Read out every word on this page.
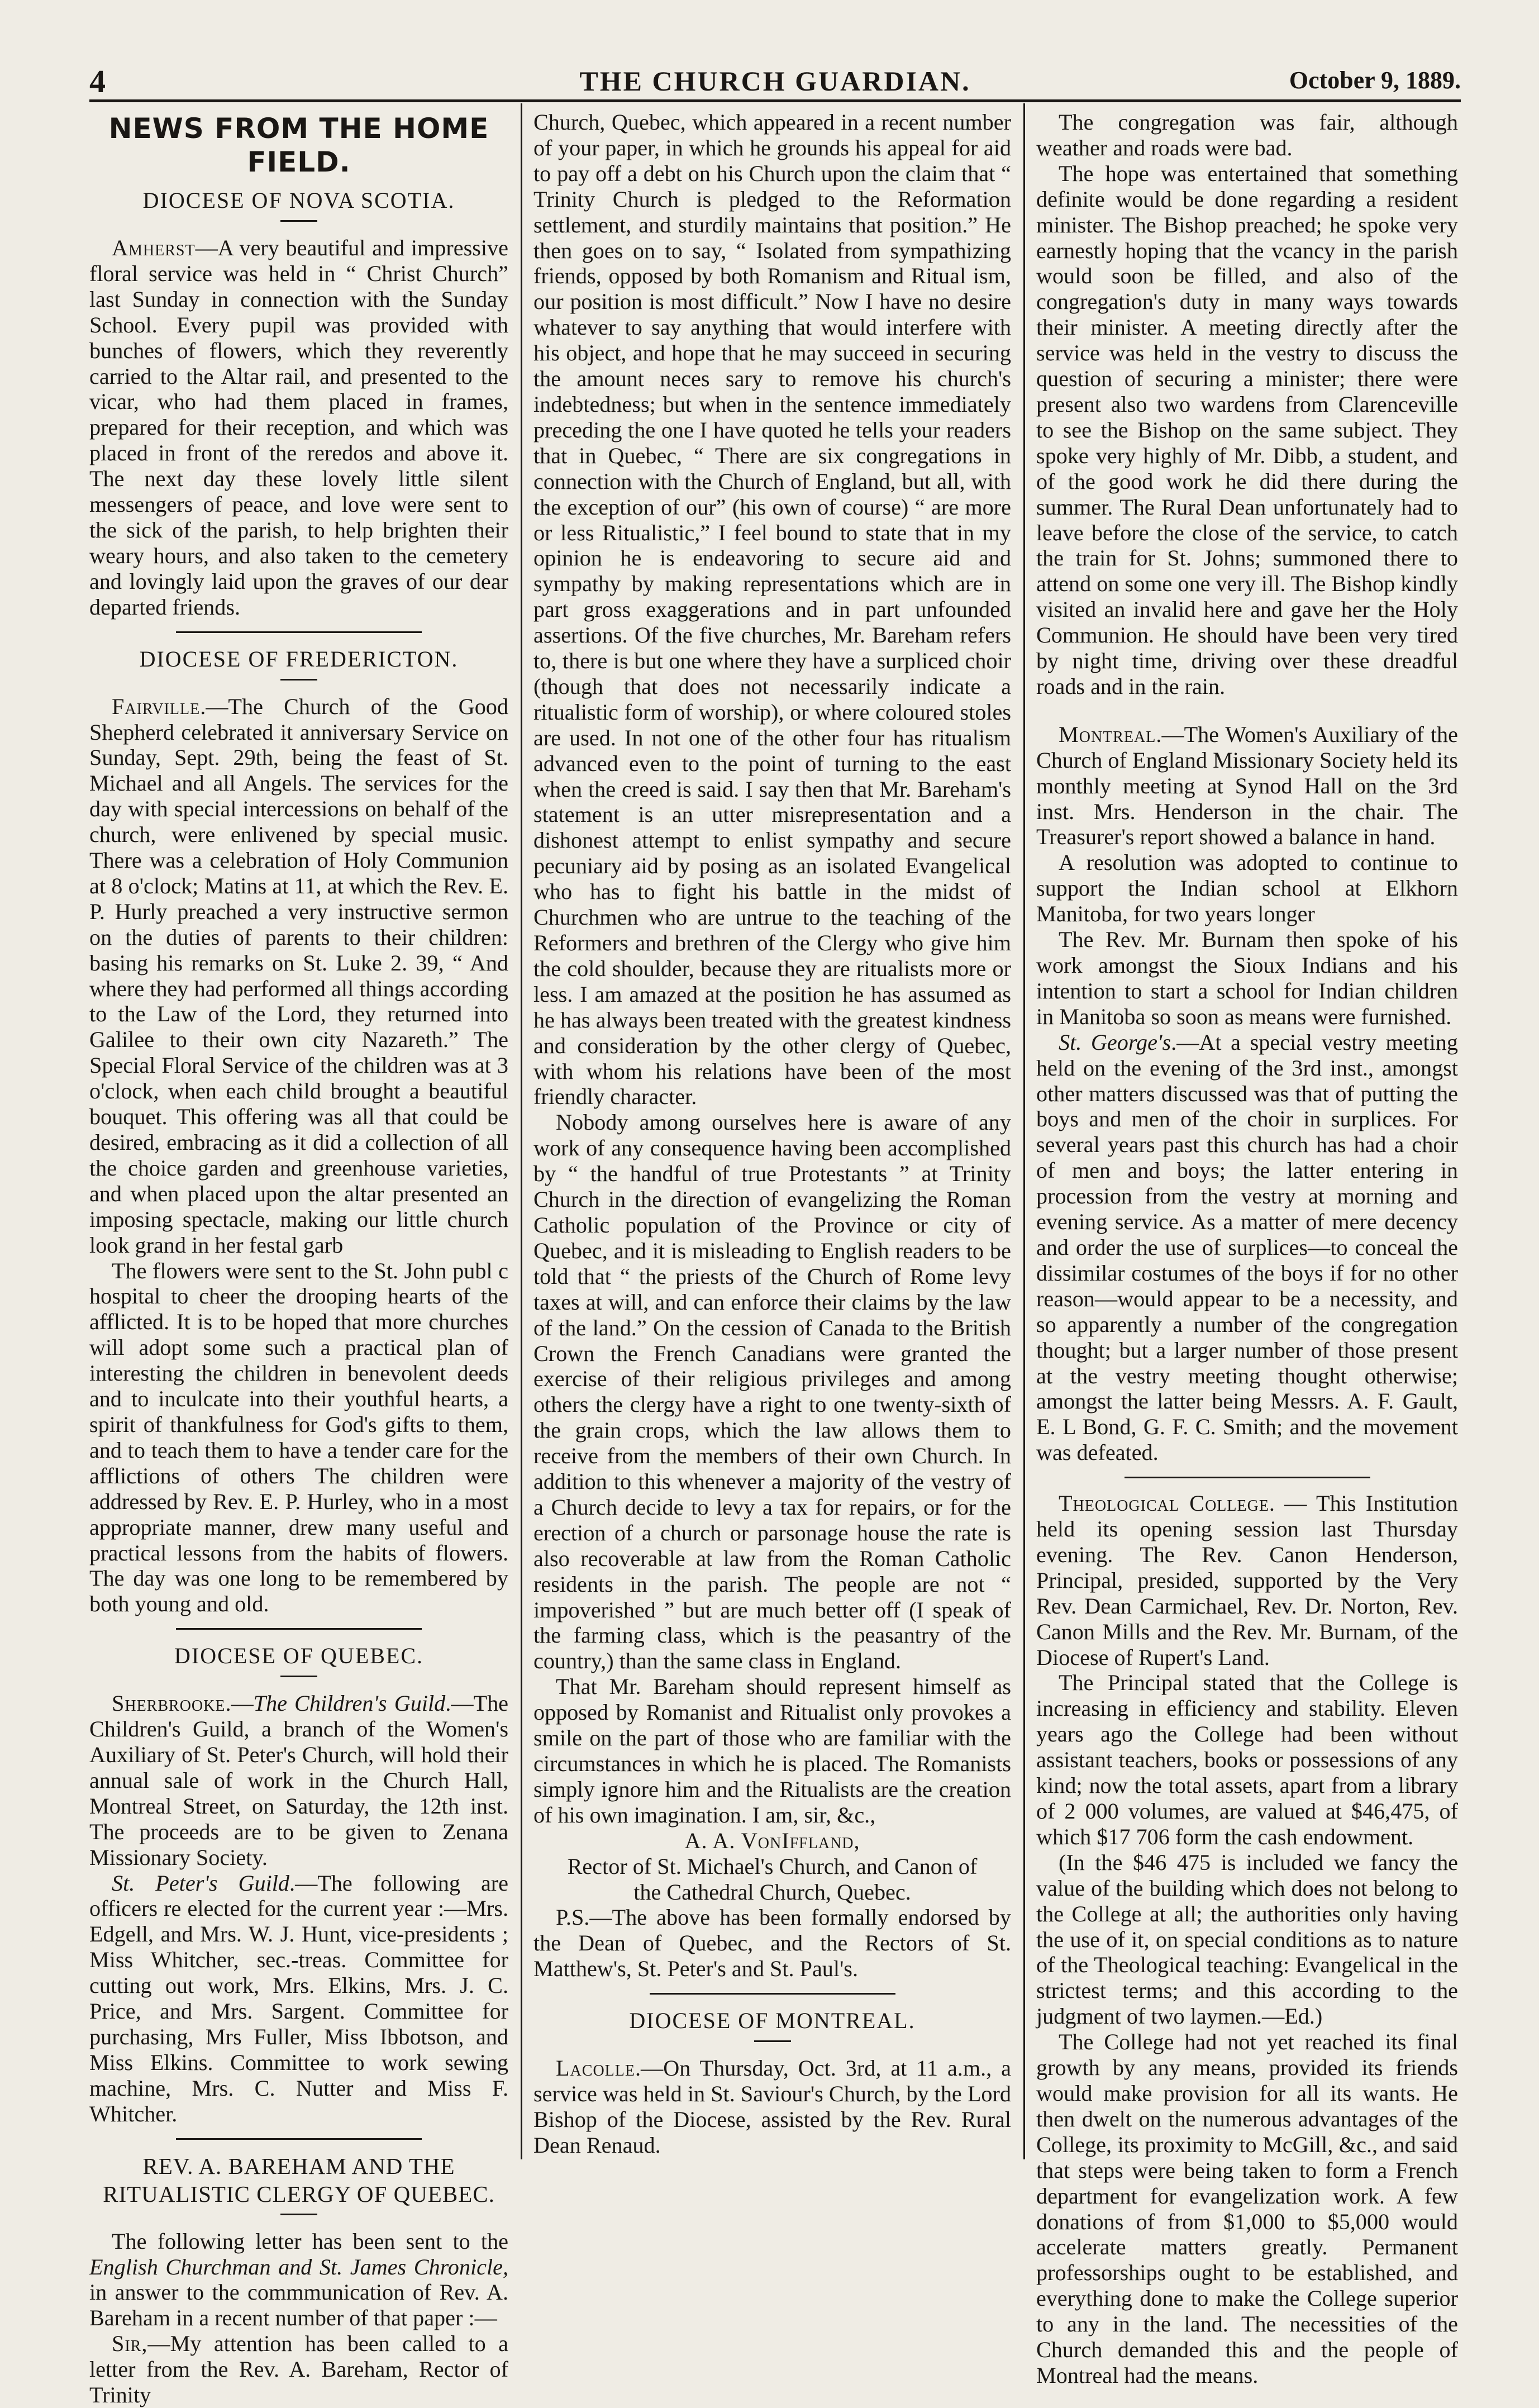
4	THE CHURCH GUARDIAN.	October 9, 1889.
NEWS FROM THE HOME FIELD.
DIOCESE OF NOVA SCOTIA.

Amherst—A very beautiful and impressive floral service was held in “ Christ Church” last Sunday in connection with the Sunday School. Every pupil was provided with bunches of flowers, which they reverently carried to the Altar rail, and presented to the vicar, who had them placed in frames, prepared for their reception, and which was placed in front of the reredos and above it. The next day these lovely little silent messengers of peace, and love were sent to the sick of the parish, to help brighten their weary hours, and also taken to the cemetery and lovingly laid upon the graves of our dear departed friends.

DIOCESE OF FREDERICTON.

Fairville.—The Church of the Good Shepherd celebrated it anniversary Service on Sunday, Sept. 29th, being the feast of St. Michael and all Angels. The services for the day with special intercessions on behalf of the church, were enlivened by special music. There was a celebration of Holy Communion at 8 o'clock; Matins at 11, at which the Rev. E. P. Hurly preached a very instructive sermon on the duties of parents to their children: basing his remarks on St. Luke 2. 39, “ And where they had performed all things according to the Law of the Lord, they returned into Galilee to their own city Nazareth.” The Special Floral Service of the children was at 3 o'clock, when each child brought a beautiful bouquet. This offering was all that could be desired, embracing as it did a collection of all the choice garden and greenhouse varieties, and when placed upon the altar presented an imposing spectacle, making our little church look grand in her festal garb

The flowers were sent to the St. John publ c hospital to cheer the drooping hearts of the afflicted. It is to be hoped that more churches will adopt some such a practical plan of interesting the children in benevolent deeds and to inculcate into their youthful hearts, a spirit of thankfulness for God's gifts to them, and to teach them to have a tender care for the afflictions of others The children were addressed by Rev. E. P. Hurley, who in a most appropriate manner, drew many useful and practical lessons from the habits of flowers. The day was one long to be remembered by both young and old.

DIOCESE OF QUEBEC.

Sherbrooke.—The Children's Guild.—The Children's Guild, a branch of the Women's Auxiliary of St. Peter's Church, will hold their annual sale of work in the Church Hall, Montreal Street, on Saturday, the 12th inst. The proceeds are to be given to Zenana Missionary Society.

St. Peter's Guild.—The following are officers re elected for the current year :—Mrs. Edgell, and Mrs. W. J. Hunt, vice-presidents ; Miss Whitcher, sec.-treas. Committee for cutting out work, Mrs. Elkins, Mrs. J. C. Price, and Mrs. Sargent. Committee for purchasing, Mrs Fuller, Miss Ibbotson, and Miss Elkins. Committee to work sewing machine, Mrs. C. Nutter and Miss F. Whitcher.

REV. A. BAREHAM AND THE RITUALISTIC CLERGY OF QUEBEC.

The following letter has been sent to the English Churchman and St. James Chronicle, in answer to the commmunication of Rev. A. Bareham in a recent number of that paper :—

Sir,—My attention has been called to a letter from the Rev. A. Bareham, Rector of Trinity

Church, Quebec, which appeared in a recent number of your paper, in which he grounds his appeal for aid to pay off a debt on his Church upon the claim that “ Trinity Church is pledged to the Reformation settlement, and sturdily maintains that position.” He then goes on to say, “ Isolated from sympathizing friends, opposed by both Romanism and Ritual ism, our position is most difficult.” Now I have no desire whatever to say anything that would interfere with his object, and hope that he may succeed in securing the amount neces sary to remove his church's indebtedness; but when in the sentence immediately preceding the one I have quoted he tells your readers that in Quebec, “ There are six congregations in connection with the Church of England, but all, with the exception of our” (his own of course) “ are more or less Ritualistic,” I feel bound to state that in my opinion he is endeavoring to secure aid and sympathy by making representations which are in part gross exaggerations and in part unfounded assertions. Of the five churches, Mr. Bareham refers to, there is but one where they have a surpliced choir (though that does not necessarily indicate a ritualistic form of worship), or where coloured stoles are used. In not one of the other four has ritualism advanced even to the point of turning to the east when the creed is said. I say then that Mr. Bareham's statement is an utter misrepresentation and a dishonest attempt to enlist sympathy and secure pecuniary aid by posing as an isolated Evangelical who has to fight his battle in the midst of Churchmen who are untrue to the teaching of the Reformers and brethren of the Clergy who give him the cold shoulder, because they are ritualists more or less. I am amazed at the position he has assumed as he has always been treated with the greatest kindness and consideration by the other clergy of Quebec, with whom his relations have been of the most friendly character.

Nobody among ourselves here is aware of any work of any consequence having been accomplished by “ the handful of true Protestants ” at Trinity Church in the direction of evangelizing the Roman Catholic population of the Province or city of Quebec, and it is misleading to English readers to be told that “ the priests of the Church of Rome levy taxes at will, and can enforce their claims by the law of the land.” On the cession of Canada to the British Crown the French Canadians were granted the exercise of their religious privileges and among others the clergy have a right to one twenty-sixth of the grain crops, which the law allows them to receive from the members of their own Church. In addition to this whenever a majority of the vestry of a Church decide to levy a tax for repairs, or for the erection of a church or parsonage house the rate is also recoverable at law from the Roman Catholic residents in the parish. The people are not “ impoverished ” but are much better off (I speak of the farming class, which is the peasantry of the country,) than the same class in England.

That Mr. Bareham should represent himself as opposed by Romanist and Ritualist only provokes a smile on the part of those who are familiar with the circumstances in which he is placed. The Romanists simply ignore him and the Ritualists are the creation of his own imagination. I am, sir, &c.,

A. A. VonIffland,

Rector of St. Michael's Church, and Canon of

the Cathedral Church, Quebec.

P.S.—The above has been formally endorsed by the Dean of Quebec, and the Rectors of St. Matthew's, St. Peter's and St. Paul's.

DIOCESE OF MONTREAL.

Lacolle.—On Thursday, Oct. 3rd, at 11 a.m., a service was held in St. Saviour's Church, by the Lord Bishop of the Diocese, assisted by the Rev. Rural Dean Renaud.

The congregation was fair, although weather and roads were bad.

The hope was entertained that something definite would be done regarding a resident minister. The Bishop preached; he spoke very earnestly hoping that the vcancy in the parish would soon be filled, and also of the congregation's duty in many ways towards their minister. A meeting directly after the service was held in the vestry to discuss the question of securing a minister; there were present also two wardens from Clarenceville to see the Bishop on the same subject. They spoke very highly of Mr. Dibb, a student, and of the good work he did there during the summer. The Rural Dean unfortunately had to leave before the close of the service, to catch the train for St. Johns; summoned there to attend on some one very ill. The Bishop kindly visited an invalid here and gave her the Holy Communion. He should have been very tired by night time, driving over these dreadful roads and in the rain.

Montreal.—The Women's Auxiliary of the Church of England Missionary Society held its monthly meeting at Synod Hall on the 3rd inst. Mrs. Henderson in the chair. The Treasurer's report showed a balance in hand.

A resolution was adopted to continue to support the Indian school at Elkhorn Manitoba, for two years longer

The Rev. Mr. Burnam then spoke of his work amongst the Sioux Indians and his intention to start a school for Indian children in Manitoba so soon as means were furnished.

St. George's.—At a special vestry meeting held on the evening of the 3rd inst., amongst other matters discussed was that of putting the boys and men of the choir in surplices. For several years past this church has had a choir of men and boys; the latter entering in procession from the vestry at morning and evening service. As a matter of mere decency and order the use of surplices—to conceal the dissimilar costumes of the boys if for no other reason—would appear to be a necessity, and so apparently a number of the congregation thought; but a larger number of those present at the vestry meeting thought otherwise; amongst the latter being Messrs. A. F. Gault, E. L Bond, G. F. C. Smith; and the movement was defeated.

Theological College. — This Institution held its opening session last Thursday evening. The Rev. Canon Henderson, Principal, presided, supported by the Very Rev. Dean Carmichael, Rev. Dr. Norton, Rev. Canon Mills and the Rev. Mr. Burnam, of the Diocese of Rupert's Land.

The Principal stated that the College is increasing in efficiency and stability. Eleven years ago the College had been without assistant teachers, books or possessions of any kind; now the total assets, apart from a library of 2 000 volumes, are valued at $46,475, of which $17 706 form the cash endowment.

(In the $46 475 is included we fancy the value of the building which does not belong to the College at all; the authorities only having the use of it, on special conditions as to nature of the Theological teaching: Evangelical in the strictest terms; and this according to the judgment of two laymen.—Ed.)

The College had not yet reached its final growth by any means, provided its friends would make provision for all its wants. He then dwelt on the numerous advantages of the College, its proximity to McGill, &c., and said that steps were being taken to form a French department for evangelization work. A few donations of from $1,000 to $5,000 would accelerate matters greatly. Permanent professorships ought to be established, and everything done to make the College superior to any in the land. The necessities of the Church demanded this and the people of Montreal had the means.
